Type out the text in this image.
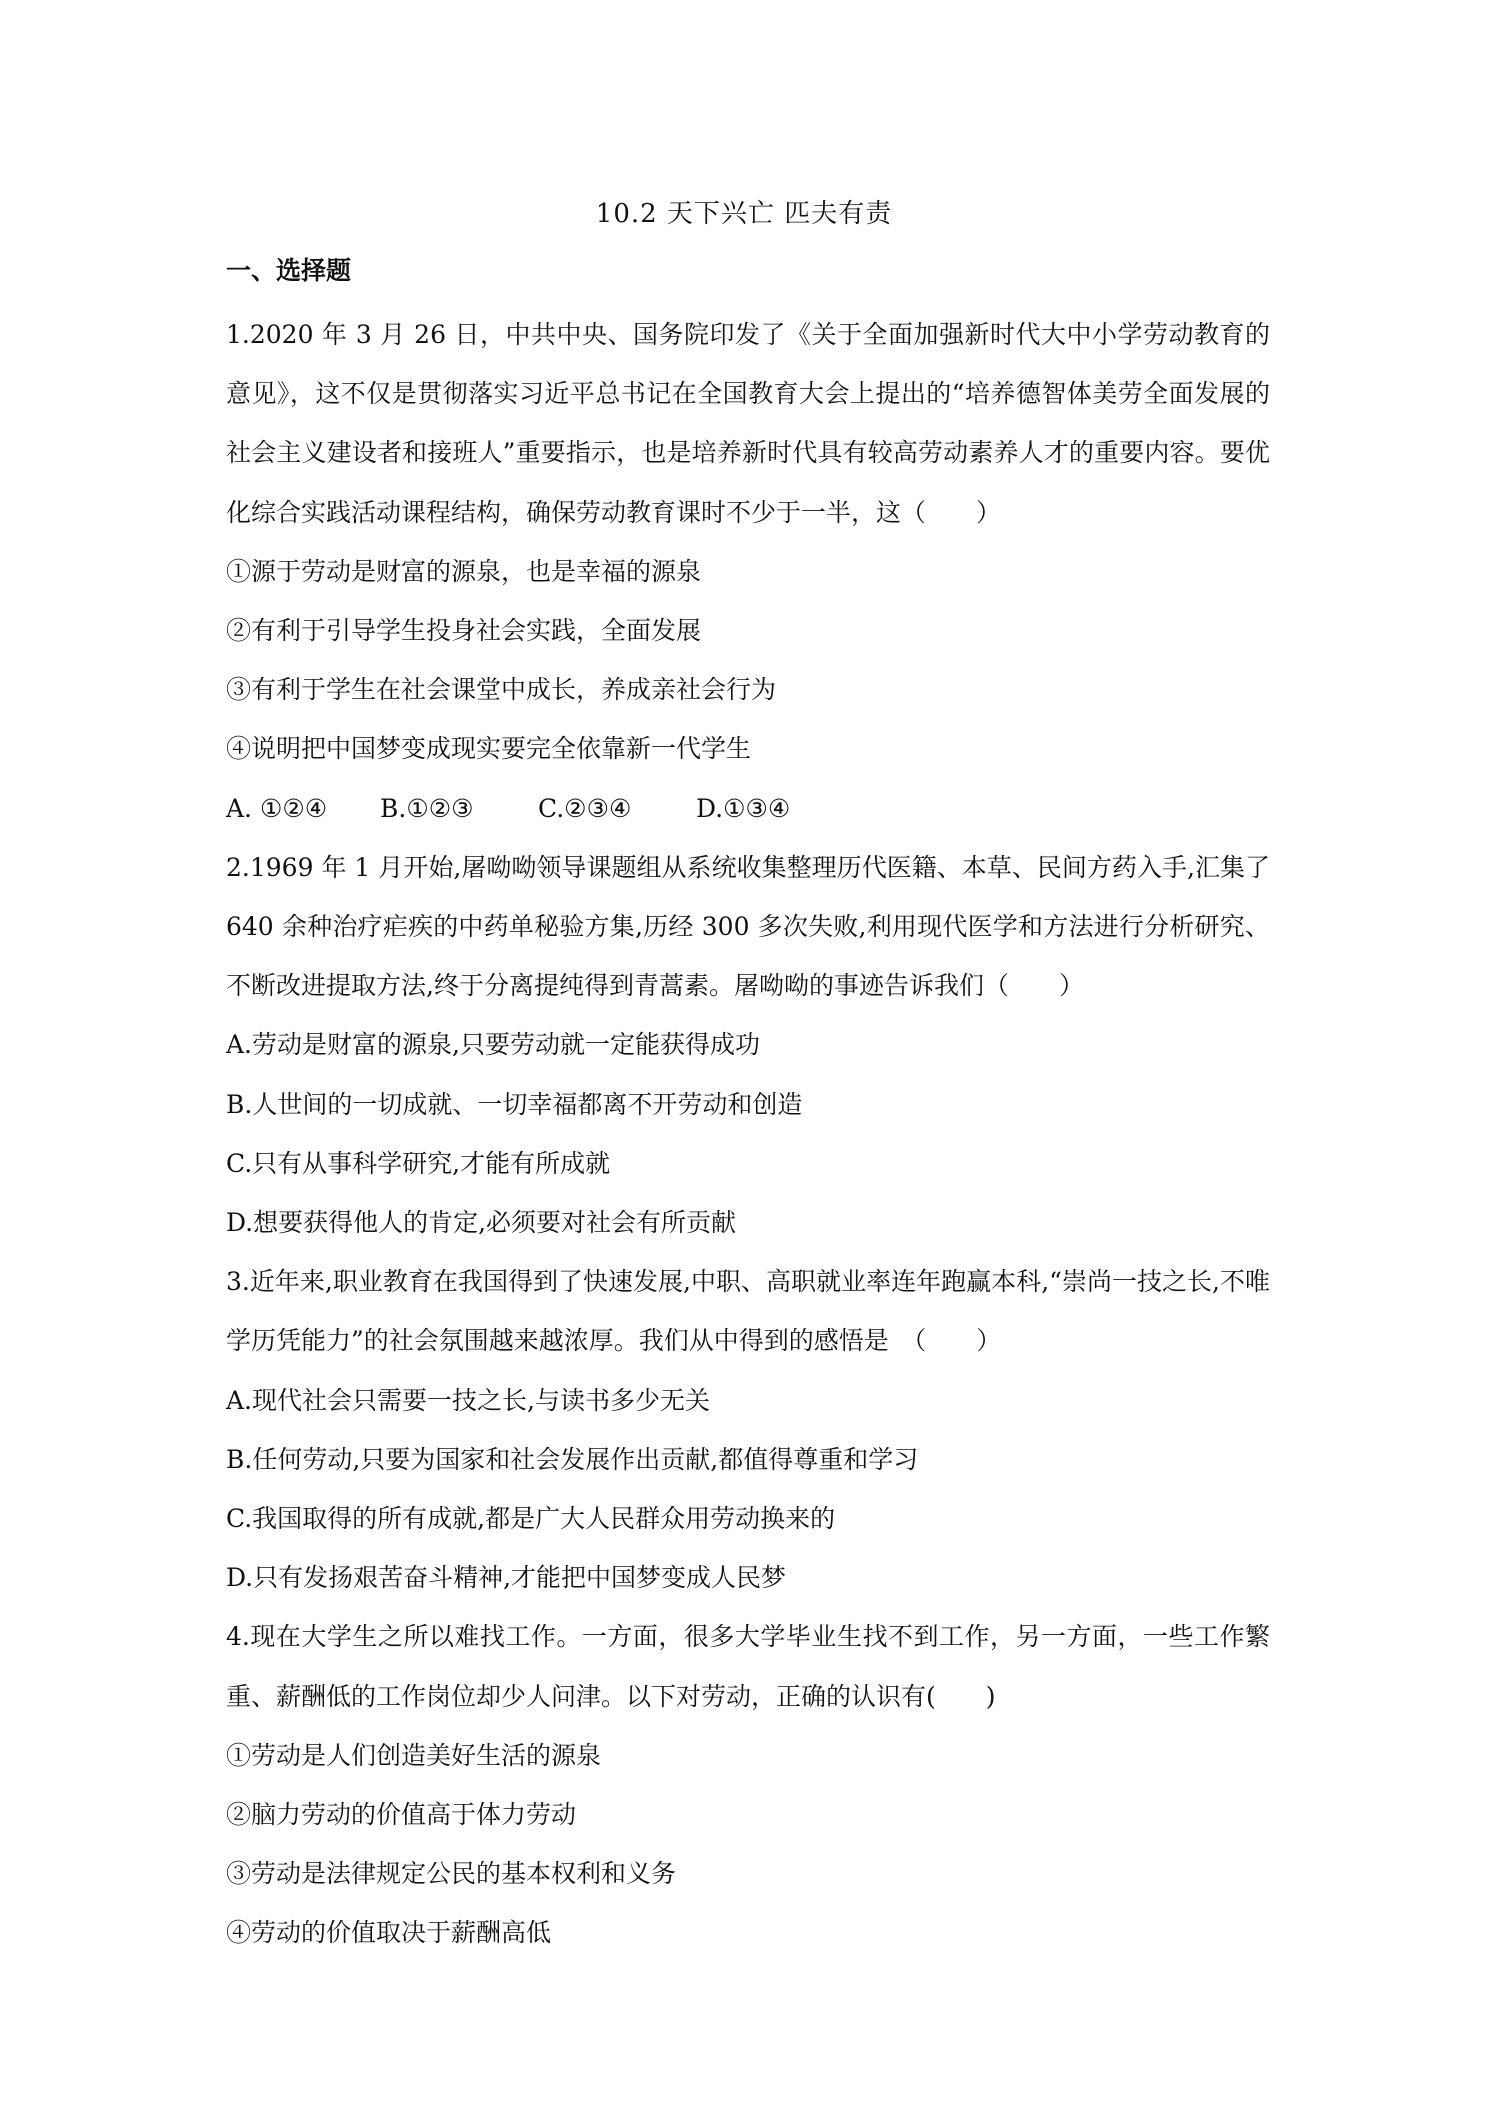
10.2 天下兴亡 匹夫有责
一、选择题

1.2020 年 3 月 26 日，中共中央、国务院印发了《关于全面加强新时代大中小学劳动教育的意见》，这不仅是贯彻落实习近平总书记在全国教育大会上提出的“培养德智体美劳全面发展的社会主义建设者和接班人”重要指示，也是培养新时代具有较高劳动素养人才的重要内容。要优化综合实践活动课程结构，确保劳动教育课时不少于一半，这（　　）

①源于劳动是财富的源泉，也是幸福的源泉

②有利于引导学生投身社会实践，全面发展

③有利于学生在社会课堂中成长，养成亲社会行为

④说明把中国梦变成现实要完全依靠新一代学生

A. ①②④ B.①②③	C.②③④	D.①③④

2.1969 年 1 月开始,屠呦呦领导课题组从系统收集整理历代医籍、本草、民间方药入手,汇集了 640 余种治疗疟疾的中药单秘验方集,历经 300 多次失败,利用现代医学和方法进行分析研究、不断改进提取方法,终于分离提纯得到青蒿素。屠呦呦的事迹告诉我们（　　）

A.劳动是财富的源泉,只要劳动就一定能获得成功

B.人世间的一切成就、一切幸福都离不开劳动和创造

C.只有从事科学研究,才能有所成就

D.想要获得他人的肯定,必须要对社会有所贡献

3.近年来,职业教育在我国得到了快速发展,中职、高职就业率连年跑赢本科,“崇尚一技之长,不唯学历凭能力”的社会氛围越来越浓厚。我们从中得到的感悟是　（　　）

A.现代社会只需要一技之长,与读书多少无关

B.任何劳动,只要为国家和社会发展作出贡献,都值得尊重和学习

C.我国取得的所有成就,都是广大人民群众用劳动换来的

D.只有发扬艰苦奋斗精神,才能把中国梦变成人民梦

4.现在大学生之所以难找工作。一方面，很多大学毕业生找不到工作，另一方面，一些工作繁重、薪酬低的工作岗位却少人问津。以下对劳动，正确的认识有(　　)

①劳动是人们创造美好生活的源泉

②脑力劳动的价值高于体力劳动

③劳动是法律规定公民的基本权利和义务

④劳动的价值取决于薪酬高低
